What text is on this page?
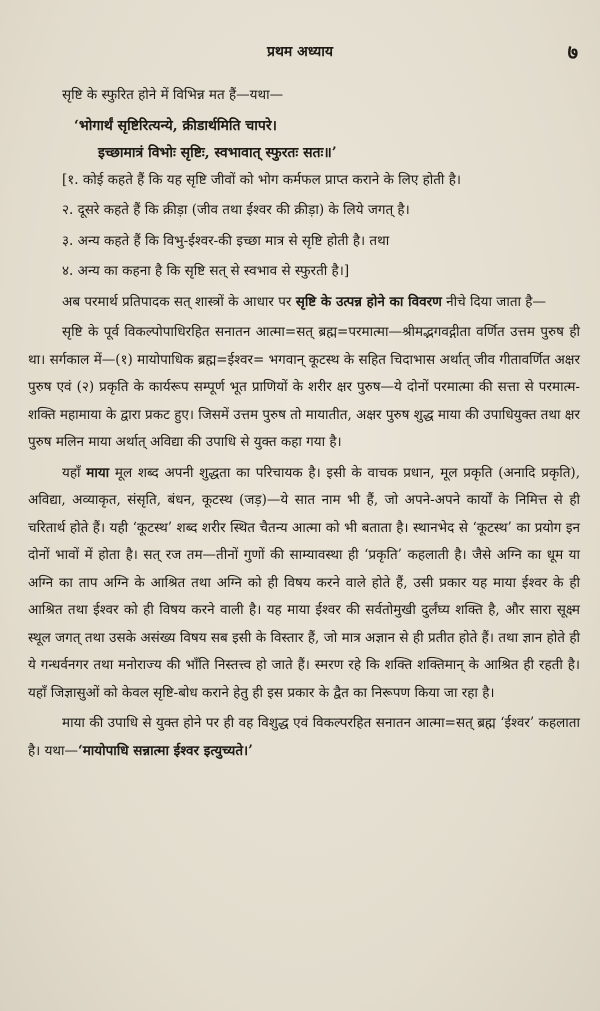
प्रथम अध्याय	७

सृष्टि के स्फुरित होने में विभिन्न मत हैं—यथा—

‘भोगार्थं सृष्टिरित्यन्ये, क्रीडार्थमिति चापरे।

इच्छामात्रं विभोः सृष्टिः, स्वभावात् स्फुरतः सतः॥’

[१. कोई कहते हैं कि यह सृष्टि जीवों को भोग कर्मफल प्राप्त कराने के लिए होती है।

२. दूसरे कहते हैं कि क्रीड़ा (जीव तथा ईश्वर की क्रीड़ा) के लिये जगत् है।

३. अन्य कहते हैं कि विभु-ईश्वर-की इच्छा मात्र से सृष्टि होती है। तथा

४. अन्य का कहना है कि सृष्टि सत् से स्वभाव से स्फुरती है।]

अब परमार्थ प्रतिपादक सत् शास्त्रों के आधार पर सृष्टि के उत्पन्न होने का विवरण नीचे दिया जाता है—

सृष्टि के पूर्व विकल्पोपाधिरहित सनातन आत्मा=सत् ब्रह्म=परमात्मा—श्रीमद्भगवद्गीता वर्णित उत्तम पुरुष ही था। सर्गकाल में—(१) मायोपाधिक ब्रह्म=ईश्वर= भगवान् कूटस्थ के सहित चिदाभास अर्थात् जीव गीतावर्णित अक्षर पुरुष एवं (२) प्रकृति के कार्यरूप सम्पूर्ण भूत प्राणियों के शरीर क्षर पुरुष—ये दोनों परमात्मा की सत्ता से परमात्म-शक्ति महामाया के द्वारा प्रकट हुए। जिसमें उत्तम पुरुष तो मायातीत, अक्षर पुरुष शुद्ध माया की उपाधियुक्त तथा क्षर पुरुष मलिन माया अर्थात् अविद्या की उपाधि से युक्त कहा गया है।

यहाँ माया मूल शब्द अपनी शुद्धता का परिचायक है। इसी के वाचक प्रधान, मूल प्रकृति (अनादि प्रकृति), अविद्या, अव्याकृत, संसृति, बंधन, कूटस्थ (जड़)—ये सात नाम भी हैं, जो अपने-अपने कार्यों के निमित्त से ही चरितार्थ होते हैं। यही ‘कूटस्थ’ शब्द शरीर स्थित चैतन्य आत्मा को भी बताता है। स्थानभेद से ‘कूटस्थ’ का प्रयोग इन दोनों भावों में होता है। सत् रज तम—तीनों गुणों की साम्यावस्था ही ‘प्रकृति’ कहलाती है। जैसे अग्नि का धूम या अग्नि का ताप अग्नि के आश्रित तथा अग्नि को ही विषय करने वाले होते हैं, उसी प्रकार यह माया ईश्वर के ही आश्रित तथा ईश्वर को ही विषय करने वाली है। यह माया ईश्वर की सर्वतोमुखी दुर्लंघ्य शक्ति है, और सारा सूक्ष्म स्थूल जगत् तथा उसके असंख्य विषय सब इसी के विस्तार हैं, जो मात्र अज्ञान से ही प्रतीत होते हैं। तथा ज्ञान होते ही ये गन्धर्वनगर तथा मनोराज्य की भाँति निस्तत्त्व हो जाते हैं। स्मरण रहे कि शक्ति शक्तिमान् के आश्रित ही रहती है। यहाँ जिज्ञासुओं को केवल सृष्टि-बोध कराने हेतु ही इस प्रकार के द्वैत का निरूपण किया जा रहा है।

माया की उपाधि से युक्त होने पर ही वह विशुद्ध एवं विकल्परहित सनातन आत्मा=सत् ब्रह्म ‘ईश्वर’ कहलाता है। यथा—‘मायोपाधि सन्नात्मा ईश्वर इत्युच्यते।’
